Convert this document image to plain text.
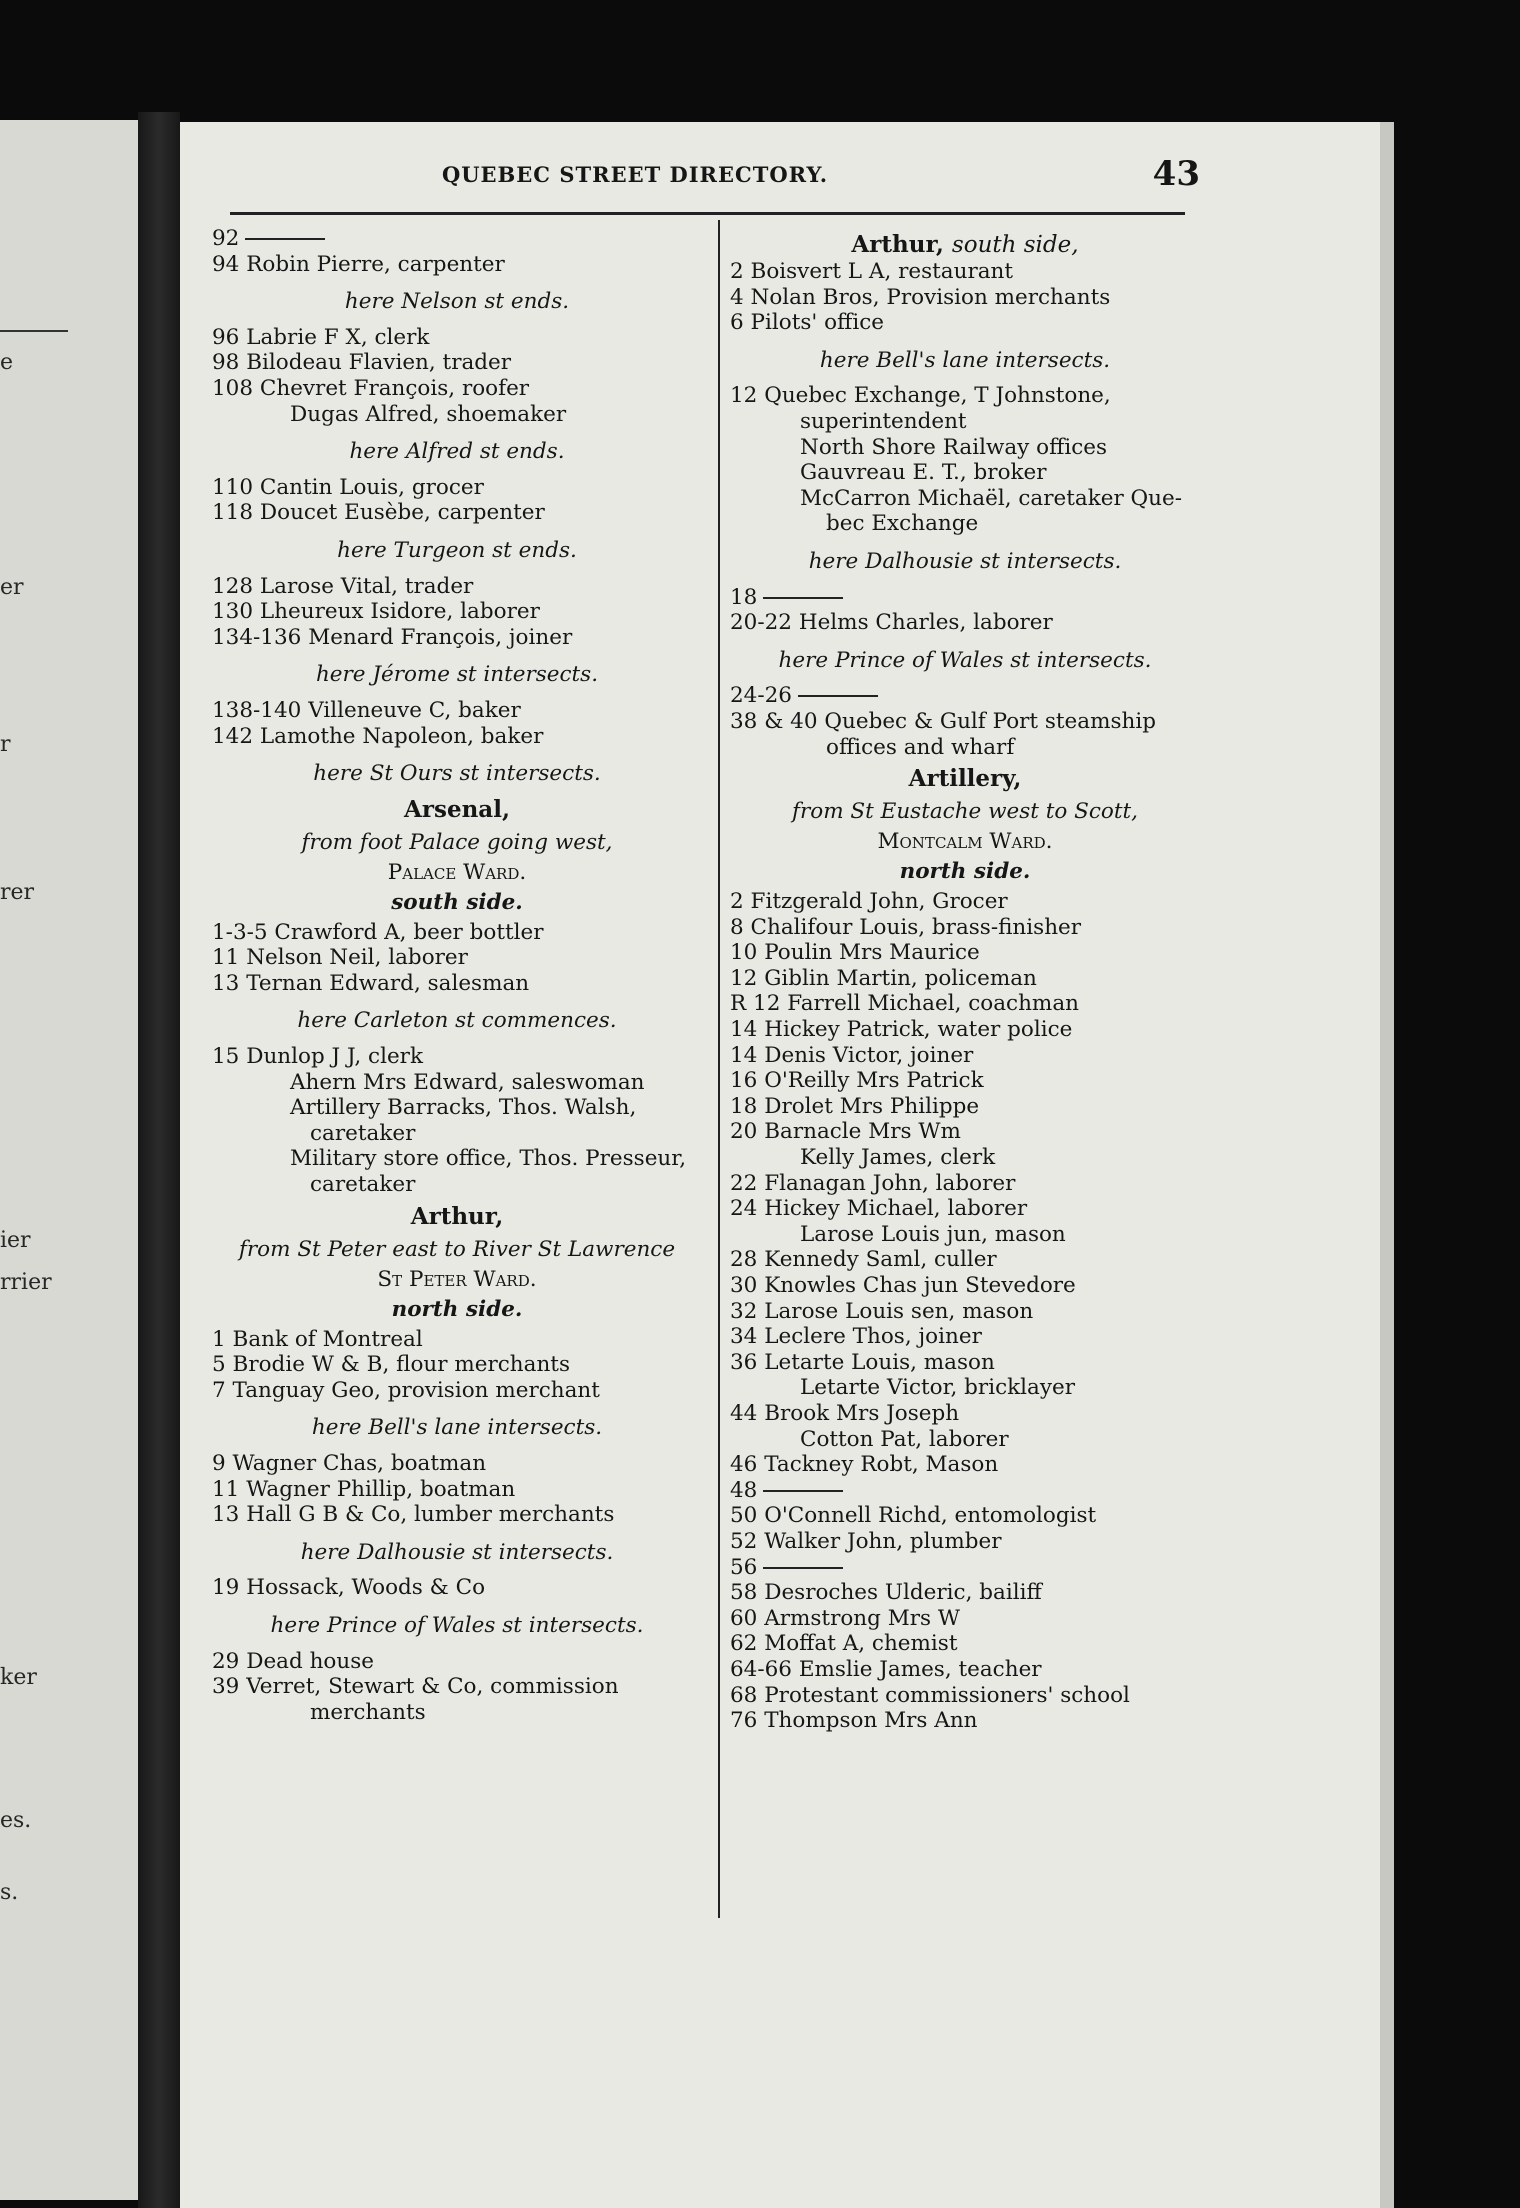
e
er
r
rer
ier
rrier
ker
es.
s.
QUEBEC STREET DIRECTORY.	43
92
94 Robin Pierre, carpenter
here Nelson st ends.
96 Labrie F X, clerk
98 Bilodeau Flavien, trader
108 Chevret François, roofer
Dugas Alfred, shoemaker
here Alfred st ends.
110 Cantin Louis, grocer
118 Doucet Eusèbe, carpenter
here Turgeon st ends.
128 Larose Vital, trader
130 Lheureux Isidore, laborer
134-136 Menard François, joiner
here Jérome st intersects.
138-140 Villeneuve C, baker
142 Lamothe Napoleon, baker
here St Ours st intersects.
Arsenal,
from foot Palace going west,
Palace Ward.
south side.
1-3-5 Crawford A, beer bottler
11 Nelson Neil, laborer
13 Ternan Edward, salesman
here Carleton st commences.
15 Dunlop J J, clerk
Ahern Mrs Edward, saleswoman
Artillery Barracks, Thos. Walsh,
caretaker
Military store office, Thos. Presseur,
caretaker
Arthur,
from St Peter east to River St Lawrence
St Peter Ward.
north side.
1 Bank of Montreal
5 Brodie W & B, flour merchants
7 Tanguay Geo, provision merchant
here Bell's lane intersects.
9 Wagner Chas, boatman
11 Wagner Phillip, boatman
13 Hall G B & Co, lumber merchants
here Dalhousie st intersects.
19 Hossack, Woods & Co
here Prince of Wales st intersects.
29 Dead house
39 Verret, Stewart & Co, commission
merchants
Arthur, south side,
2 Boisvert L A, restaurant
4 Nolan Bros, Provision merchants
6 Pilots' office
here Bell's lane intersects.
12 Quebec Exchange, T Johnstone,
superintendent
North Shore Railway offices
Gauvreau E. T., broker
McCarron Michaël, caretaker Que-
bec Exchange
here Dalhousie st intersects.
18
20-22 Helms Charles, laborer
here Prince of Wales st intersects.
24-26
38 & 40 Quebec & Gulf Port steamship
offices and wharf
Artillery,
from St Eustache west to Scott,
Montcalm Ward.
north side.
2 Fitzgerald John, Grocer
8 Chalifour Louis, brass-finisher
10 Poulin Mrs Maurice
12 Giblin Martin, policeman
R 12 Farrell Michael, coachman
14 Hickey Patrick, water police
14 Denis Victor, joiner
16 O'Reilly Mrs Patrick
18 Drolet Mrs Philippe
20 Barnacle Mrs Wm
Kelly James, clerk
22 Flanagan John, laborer
24 Hickey Michael, laborer
Larose Louis jun, mason
28 Kennedy Saml, culler
30 Knowles Chas jun Stevedore
32 Larose Louis sen, mason
34 Leclere Thos, joiner
36 Letarte Louis, mason
Letarte Victor, bricklayer
44 Brook Mrs Joseph
Cotton Pat, laborer
46 Tackney Robt, Mason
48
50 O'Connell Richd, entomologist
52 Walker John, plumber
56
58 Desroches Ulderic, bailiff
60 Armstrong Mrs W
62 Moffat A, chemist
64-66 Emslie James, teacher
68 Protestant commissioners' school
76 Thompson Mrs Ann
